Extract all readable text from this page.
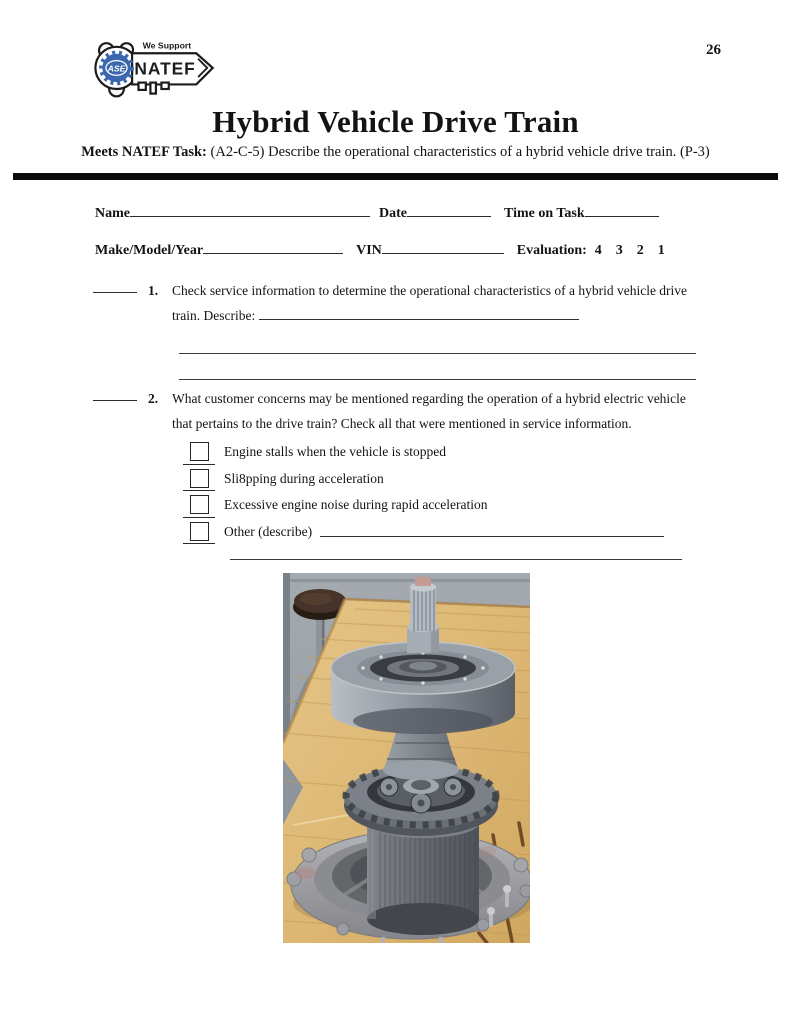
ASE
We Support
NATEF
26
Hybrid Vehicle Drive Train
Meets NATEF Task: (A2-C-5) Describe the operational characteristics of a hybrid vehicle drive train. (P-3)
Name	Date	Time on Task
Make/Model/Year	VIN	Evaluation: 4    3    2    1
1.	Check service information to determine the operational characteristics of a hybrid vehicle drive train. Describe:
2.	What customer concerns may be mentioned regarding the operation of a hybrid electric vehicle that pertains to the drive train? Check all that were mentioned in service information.
Engine stalls when the vehicle is stopped
Sli8pping during acceleration
Excessive engine noise during rapid acceleration
Other (describe)
